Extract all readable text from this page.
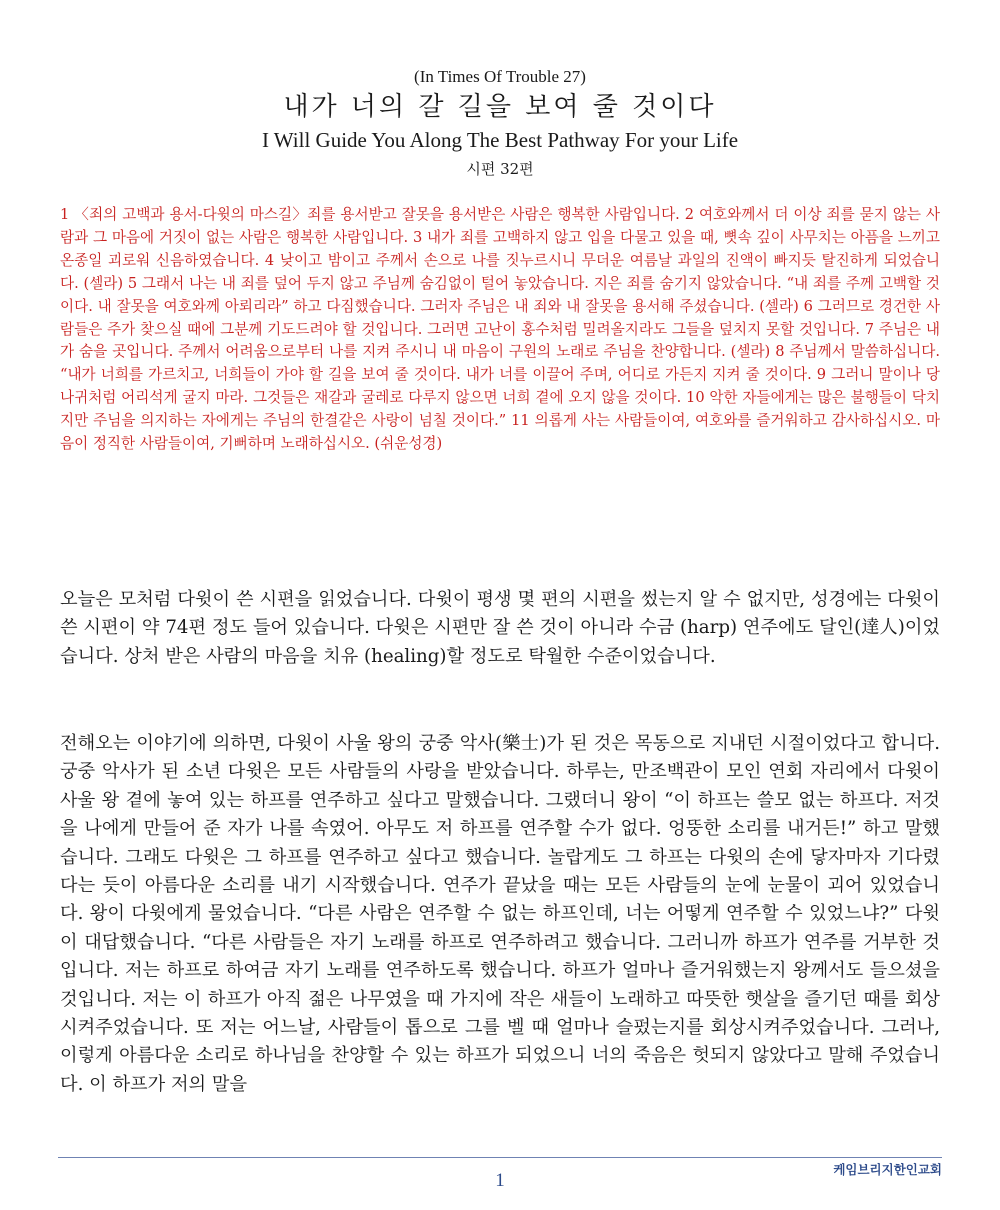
(In Times Of Trouble 27)
내가 너의 갈 길을 보여 줄 것이다
I Will Guide You Along The Best Pathway For your Life
시편 32편

1 〈죄의 고백과 용서-다윗의 마스길〉죄를 용서받고 잘못을 용서받은 사람은 행복한 사람입니다. 2 여호와께서 더 이상 죄를 묻지 않는 사람과 그 마음에 거짓이 없는 사람은 행복한 사람입니다. 3 내가 죄를 고백하지 않고 입을 다물고 있을 때, 뼛속 깊이 사무치는 아픔을 느끼고 온종일 괴로워 신음하였습니다. 4 낮이고 밤이고 주께서 손으로 나를 짓누르시니 무더운 여름날 과일의 진액이 빠지듯 탈진하게 되었습니다. (셀라) 5 그래서 나는 내 죄를 덮어 두지 않고 주님께 숨김없이 털어 놓았습니다. 지은 죄를 숨기지 않았습니다. “내 죄를 주께 고백할 것이다. 내 잘못을 여호와께 아뢰리라” 하고 다짐했습니다. 그러자 주님은 내 죄와 내 잘못을 용서해 주셨습니다. (셀라) 6 그러므로 경건한 사람들은 주가 찾으실 때에 그분께 기도드려야 할 것입니다. 그러면 고난이 홍수처럼 밀려올지라도 그들을 덮치지 못할 것입니다. 7 주님은 내가 숨을 곳입니다. 주께서 어려움으로부터 나를 지켜 주시니 내 마음이 구원의 노래로 주님을 찬양합니다. (셀라) 8 주님께서 말씀하십니다. “내가 너희를 가르치고, 너희들이 가야 할 길을 보여 줄 것이다. 내가 너를 이끌어 주며, 어디로 가든지 지켜 줄 것이다. 9 그러니 말이나 당나귀처럼 어리석게 굴지 마라. 그것들은 재갈과 굴레로 다루지 않으면 너희 곁에 오지 않을 것이다. 10 악한 자들에게는 많은 불행들이 닥치지만 주님을 의지하는 자에게는 주님의 한결같은 사랑이 넘칠 것이다.” 11 의롭게 사는 사람들이여, 여호와를 즐거워하고 감사하십시오. 마음이 정직한 사람들이여, 기뻐하며 노래하십시오. (쉬운성경)

오늘은 모처럼 다윗이 쓴 시편을 읽었습니다. 다윗이 평생 몇 편의 시편을 썼는지 알 수 없지만, 성경에는 다윗이 쓴 시편이 약 74편 정도 들어 있습니다. 다윗은 시편만 잘 쓴 것이 아니라 수금 (harp) 연주에도 달인(達人)이었습니다. 상처 받은 사람의 마음을 치유 (healing)할 정도로 탁월한 수준이었습니다.

전해오는 이야기에 의하면, 다윗이 사울 왕의 궁중 악사(樂士)가 된 것은 목동으로 지내던 시절이었다고 합니다. 궁중 악사가 된 소년 다윗은 모든 사람들의 사랑을 받았습니다. 하루는, 만조백관이 모인 연회 자리에서 다윗이 사울 왕 곁에 놓여 있는 하프를 연주하고 싶다고 말했습니다. 그랬더니 왕이 “이 하프는 쓸모 없는 하프다. 저것을 나에게 만들어 준 자가 나를 속였어. 아무도 저 하프를 연주할 수가 없다. 엉뚱한 소리를 내거든!” 하고 말했습니다. 그래도 다윗은 그 하프를 연주하고 싶다고 했습니다. 놀랍게도 그 하프는 다윗의 손에 닿자마자 기다렸다는 듯이 아름다운 소리를 내기 시작했습니다. 연주가 끝났을 때는 모든 사람들의 눈에 눈물이 괴어 있었습니다. 왕이 다윗에게 물었습니다. “다른 사람은 연주할 수 없는 하프인데, 너는 어떻게 연주할 수 있었느냐?” 다윗이 대답했습니다. “다른 사람들은 자기 노래를 하프로 연주하려고 했습니다. 그러니까 하프가 연주를 거부한 것입니다. 저는 하프로 하여금 자기 노래를 연주하도록 했습니다. 하프가 얼마나 즐거워했는지 왕께서도 들으셨을 것입니다. 저는 이 하프가 아직 젊은 나무였을 때 가지에 작은 새들이 노래하고 따뜻한 햇살을 즐기던 때를 회상시켜주었습니다. 또 저는 어느날, 사람들이 톱으로 그를 벨 때 얼마나 슬펐는지를 회상시켜주었습니다. 그러나, 이렇게 아름다운 소리로 하나님을 찬양할 수 있는 하프가 되었으니 너의 죽음은 헛되지 않았다고 말해 주었습니다. 이 하프가 저의 말을

케임브리지한인교회
1
